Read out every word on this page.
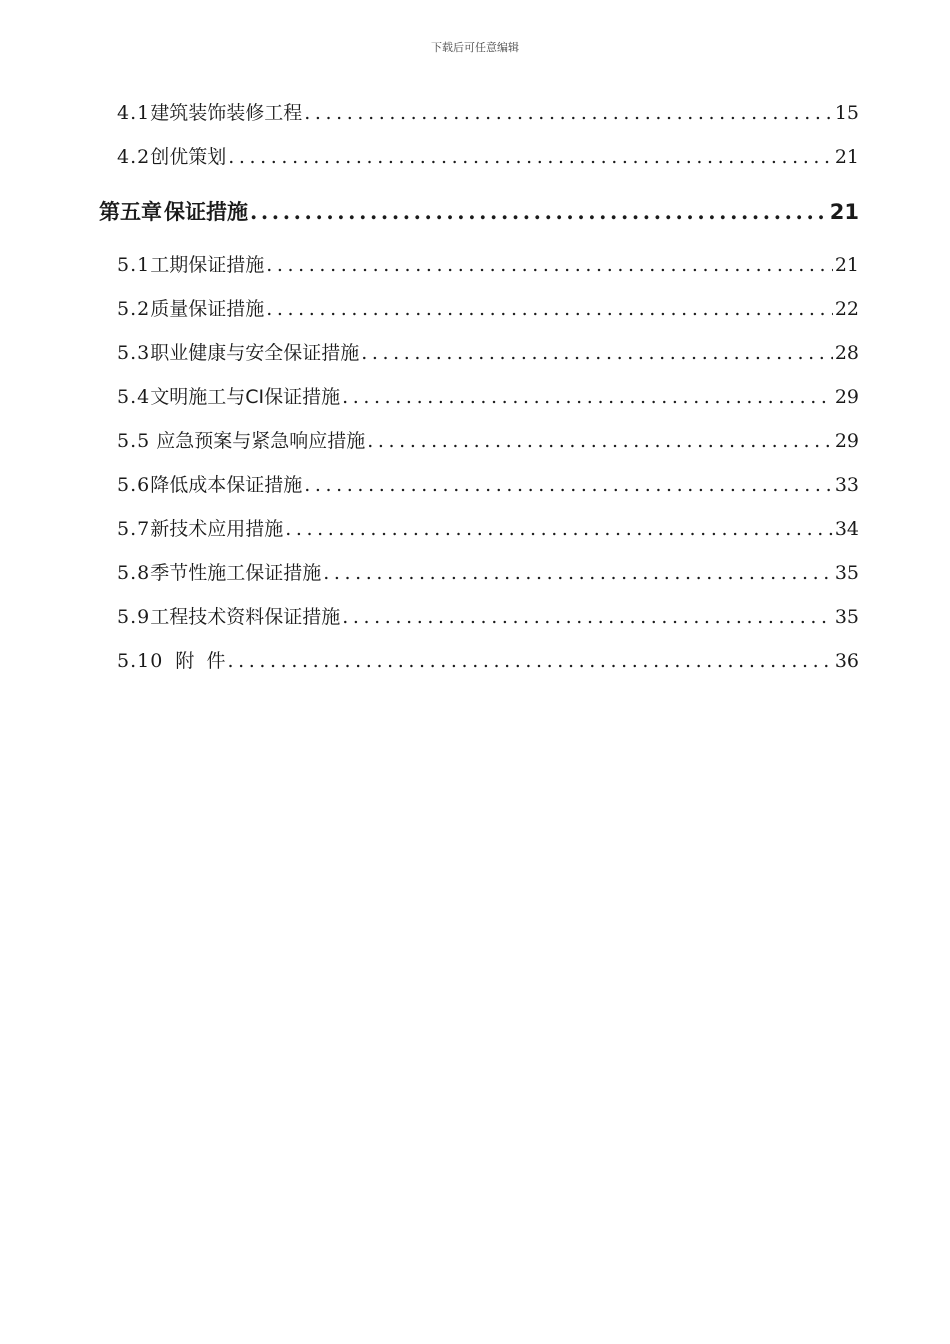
下载后可任意编辑
4.1 建筑装饰装修工程 .....	15
4.2 创优策划 .....	21
第五章 保证措施 .....	21
5.1 工期保证措施 .....	21
5.2 质量保证措施 .....	22
5.3 职业健康与安全保证措施 .....	28
5.4 文明施工与CI保证措施 .....	29
5.5 应急预案与紧急响应措施 .....	29
5.6 降低成本保证措施 .....	33
5.7 新技术应用措施 .....	34
5.8 季节性施工保证措施 .....	35
5.9 工程技术资料保证措施 .....	35
5.10 附  件 .....	36
